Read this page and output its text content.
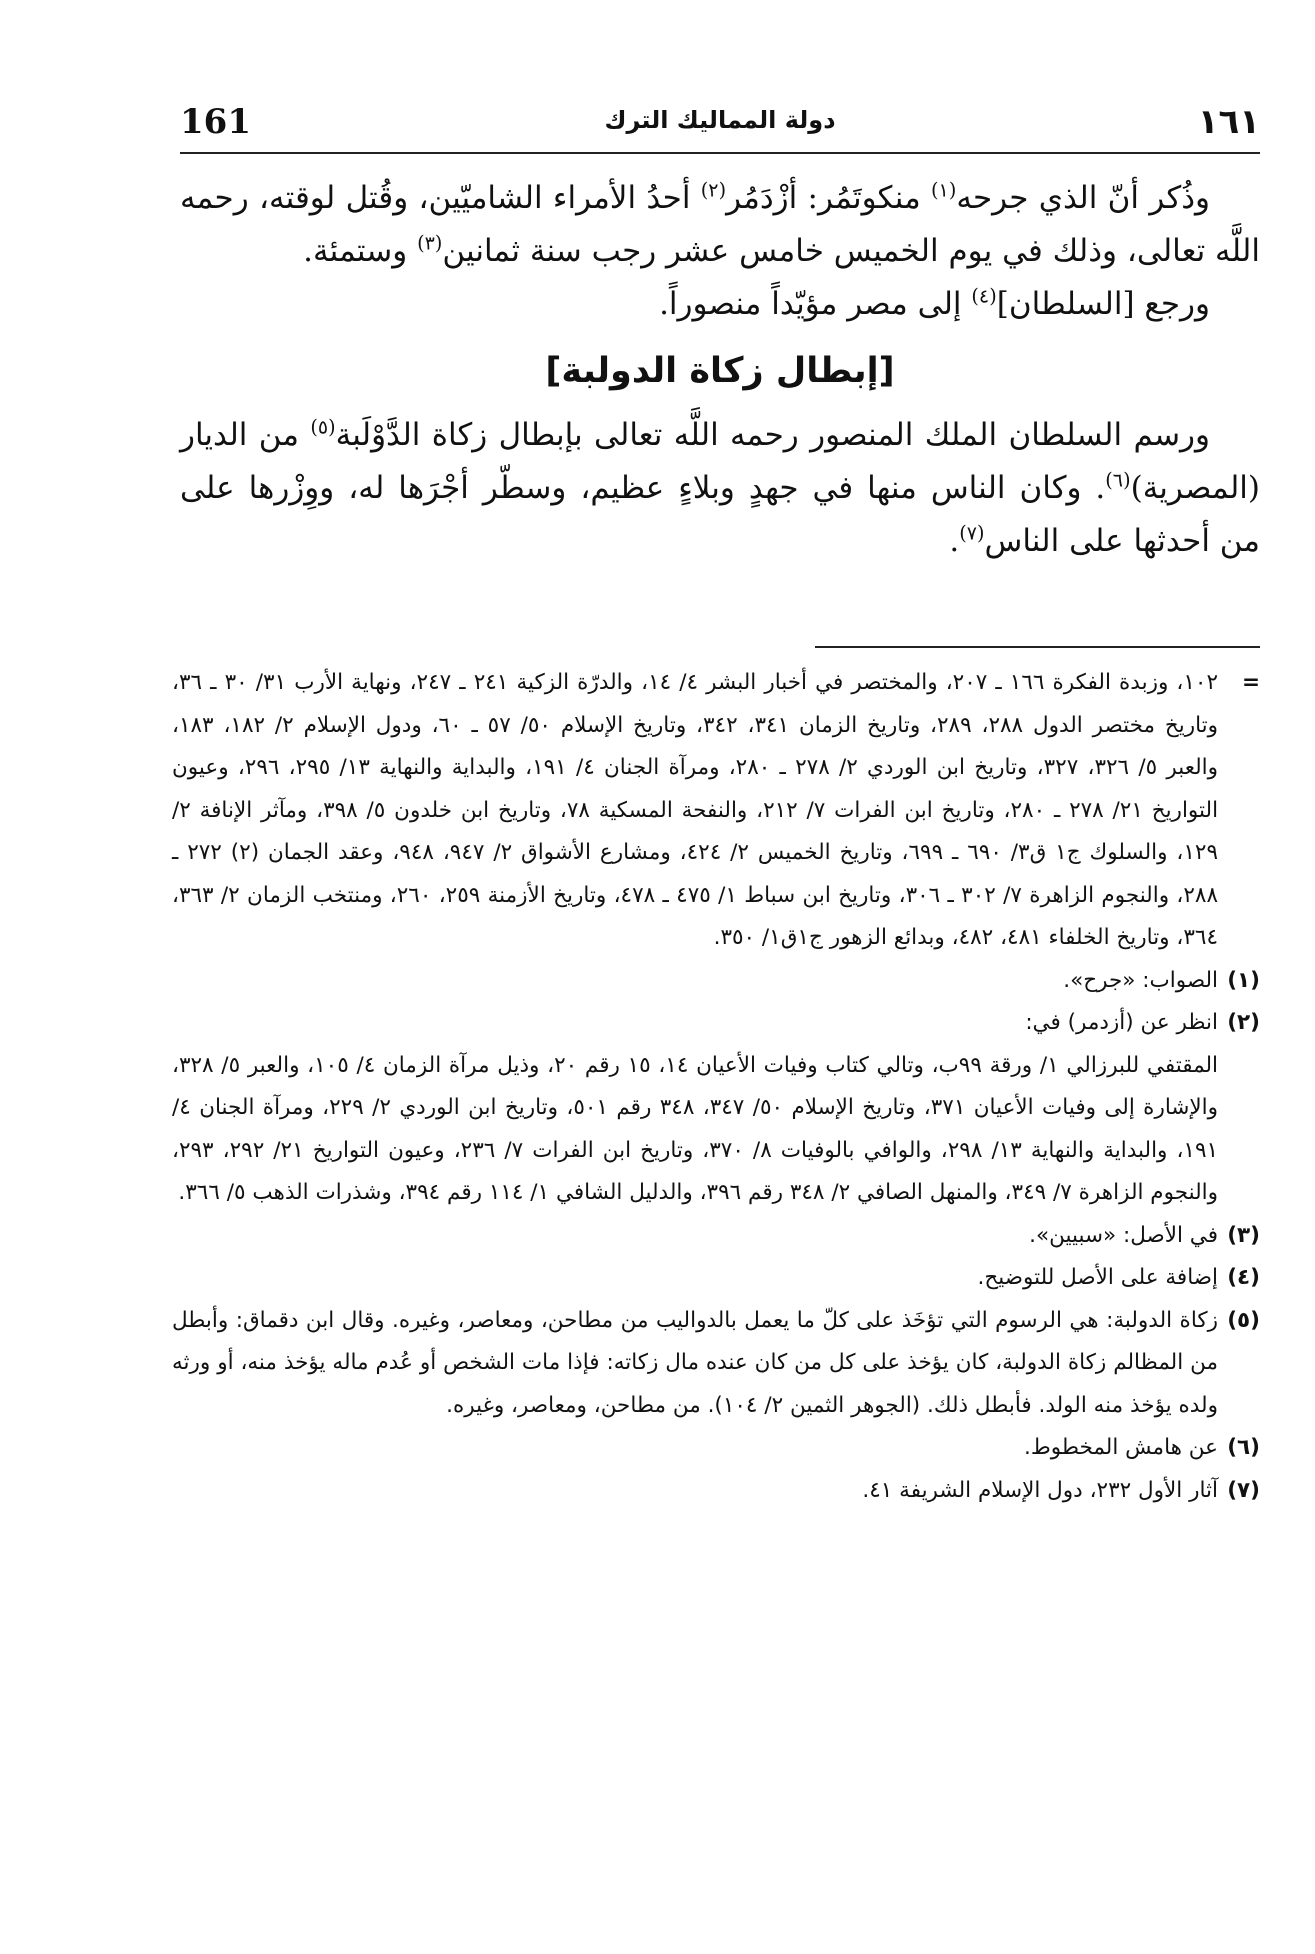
161	دولة المماليك الترك	١٦١

وذُكر أنّ الذي جرحه$^{(١)}$ منكوتَمُر: أزْدَمُر$^{(٢)}$ أحدُ الأمراء الشاميّين، وقُتل لوقته، رحمه اللَّه تعالى، وذلك في يوم الخميس خامس عشر رجب سنة ثمانين$^{(٣)}$ وستمئة.

ورجع [السلطان]$^{(٤)}$ إلى مصر مؤيّداً منصوراً.

[إبطال زكاة الدولبة]

ورسم السلطان الملك المنصور رحمه اللَّه تعالى بإبطال زكاة الدَّوْلَبة$^{(٥)}$ من الديار (المصرية)$^{(٦)}$. وكان الناس منها في جهدٍ وبلاءٍ عظيم، وسطّر أجْرَها له، ووِزْرها على من أحدثها على الناس$^{(٧)}$.

=
١٠٢، وزبدة الفكرة ١٦٦ ـ ٢٠٧، والمختصر في أخبار البشر ٤/ ١٤، والدرّة الزكية ٢٤١ ـ ٢٤٧، ونهاية الأرب ٣١/ ٣٠ ـ ٣٦، وتاريخ مختصر الدول ٢٨٨، ٢٨٩، وتاريخ الزمان ٣٤١، ٣٤٢، وتاريخ الإسلام ٥٠/ ٥٧ ـ ٦٠، ودول الإسلام ٢/ ١٨٢، ١٨٣، والعبر ٥/ ٣٢٦، ٣٢٧، وتاريخ ابن الوردي ٢/ ٢٧٨ ـ ٢٨٠، ومرآة الجنان ٤/ ١٩١، والبداية والنهاية ١٣/ ٢٩٥، ٢٩٦، وعيون التواريخ ٢١/ ٢٧٨ ـ ٢٨٠، وتاريخ ابن الفرات ٧/ ٢١٢، والنفحة المسكية ٧٨، وتاريخ ابن خلدون ٥/ ٣٩٨، ومآثر الإنافة ٢/ ١٢٩، والسلوك ج١ ق٣/ ٦٩٠ ـ ٦٩٩، وتاريخ الخميس ٢/ ٤٢٤، ومشارع الأشواق ٢/ ٩٤٧، ٩٤٨، وعقد الجمان (٢) ٢٧٢ ـ ٢٨٨، والنجوم الزاهرة ٧/ ٣٠٢ ـ ٣٠٦، وتاريخ ابن سباط ١/ ٤٧٥ ـ ٤٧٨، وتاريخ الأزمنة ٢٥٩، ٢٦٠، ومنتخب الزمان ٢/ ٣٦٣، ٣٦٤، وتاريخ الخلفاء ٤٨١، ٤٨٢، وبدائع الزهور ج١ق١/ ٣٥٠.
(١)
الصواب: «جرح».
(٢)
انظر عن (أزدمر) في:
المقتفي للبرزالي ١/ ورقة ٩٩ب، وتالي كتاب وفيات الأعيان ١٤، ١٥ رقم ٢٠، وذيل مرآة الزمان ٤/ ١٠٥، والعبر ٥/ ٣٢٨، والإشارة إلى وفيات الأعيان ٣٧١، وتاريخ الإسلام ٥٠/ ٣٤٧، ٣٤٨ رقم ٥٠١، وتاريخ ابن الوردي ٢/ ٢٢٩، ومرآة الجنان ٤/ ١٩١، والبداية والنهاية ١٣/ ٢٩٨، والوافي بالوفيات ٨/ ٣٧٠، وتاريخ ابن الفرات ٧/ ٢٣٦، وعيون التواريخ ٢١/ ٢٩٢، ٢٩٣، والنجوم الزاهرة ٧/ ٣٤٩، والمنهل الصافي ٢/ ٣٤٨ رقم ٣٩٦، والدليل الشافي ١/ ١١٤ رقم ٣٩٤، وشذرات الذهب ٥/ ٣٦٦.
(٣)
في الأصل: «سبيين».
(٤)
إضافة على الأصل للتوضيح.
(٥)
زكاة الدولبة: هي الرسوم التي تؤخَذ على كلّ ما يعمل بالدواليب من مطاحن، ومعاصر، وغيره. وقال ابن دقماق: وأبطل من المظالم زكاة الدولبة، كان يؤخذ على كل من كان عنده مال زكاته: فإذا مات الشخص أو عُدم ماله يؤخذ منه، أو ورثه ولده يؤخذ منه الولد. فأبطل ذلك. (الجوهر الثمين ٢/ ١٠٤). من مطاحن، ومعاصر، وغيره.
(٦)
عن هامش المخطوط.
(٧)
آثار الأول ٢٣٢، دول الإسلام الشريفة ٤١.
